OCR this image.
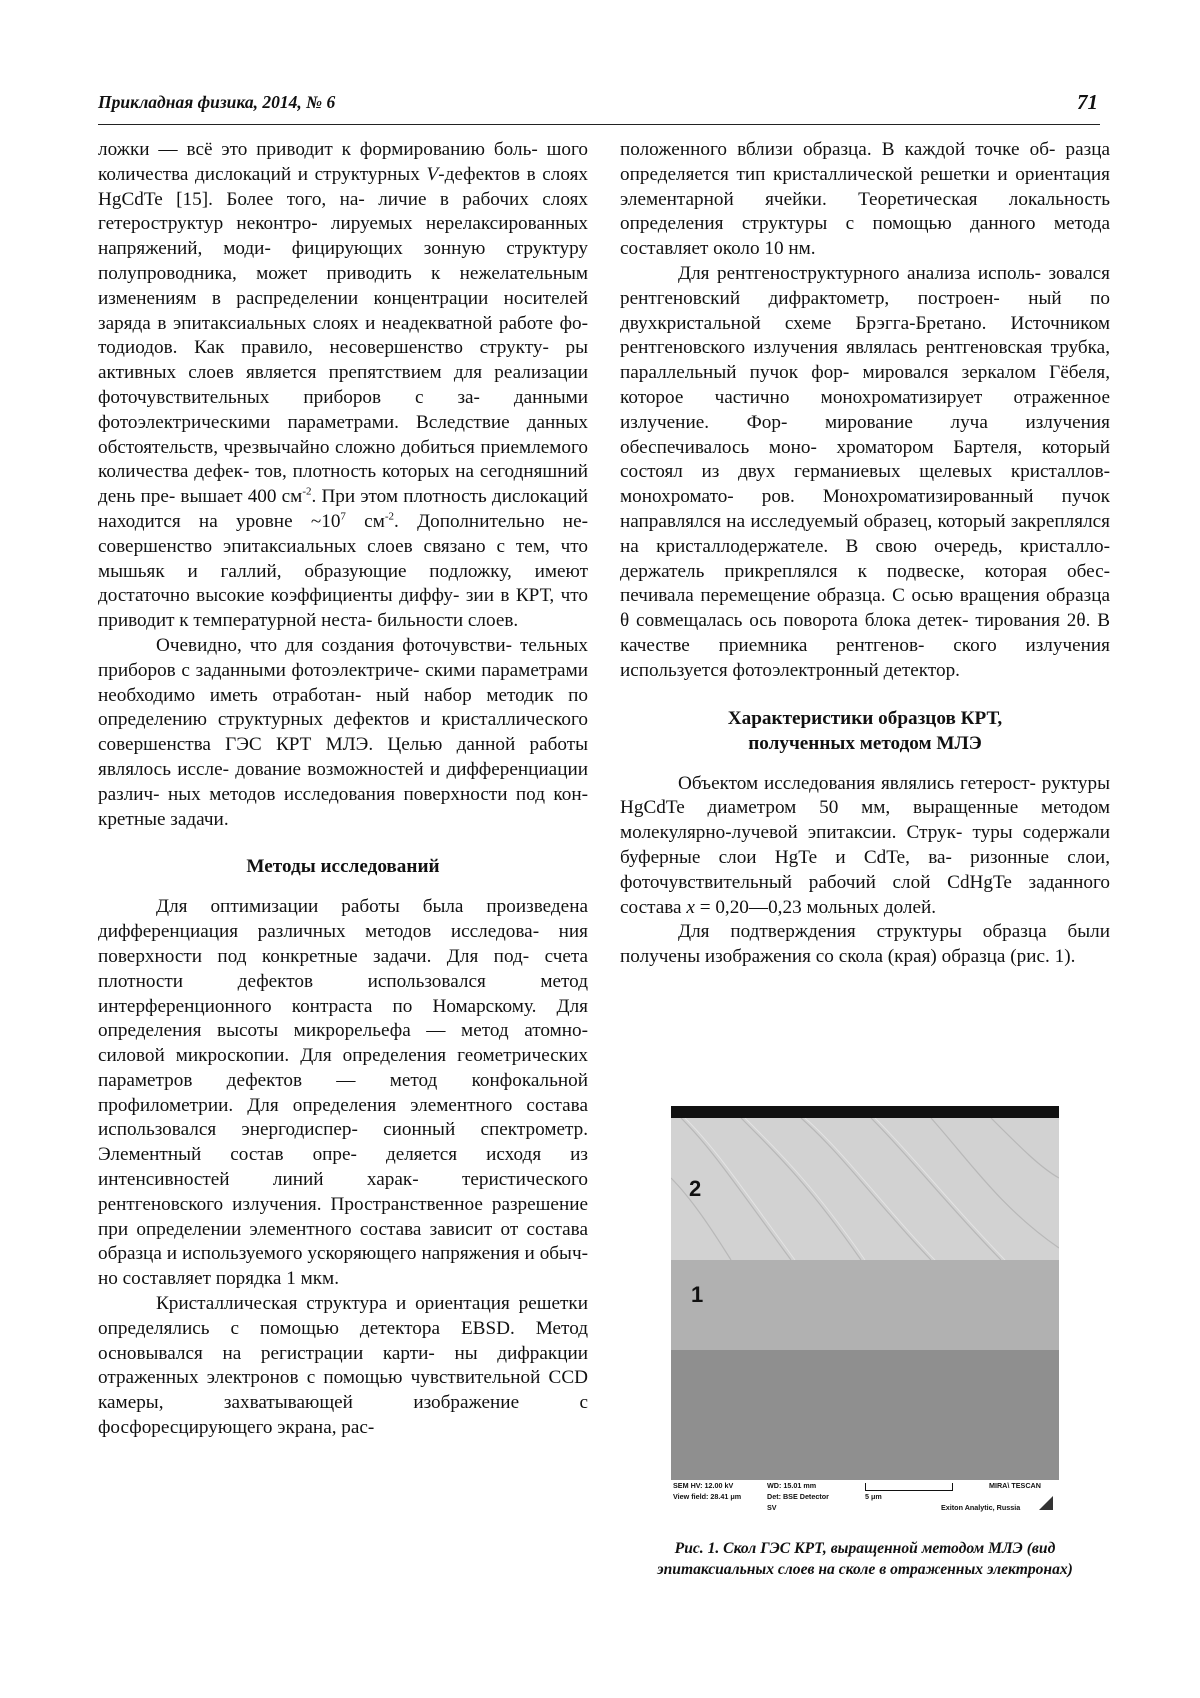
Прикладная физика, 2014, № 6	71

ложки — всё это приводит к формированию боль- шого количества дислокаций и структурных V-дефектов в слоях HgCdTe [15]. Более того, на- личие в рабочих слоях гетероструктур неконтро- лируемых нерелаксированных напряжений, моди- фицирующих зонную структуру полупроводника, может приводить к нежелательным изменениям в распределении концентрации носителей заряда в эпитаксиальных слоях и неадекватной работе фо- тодиодов. Как правило, несовершенство структу- ры активных слоев является препятствием для реализации фоточувствительных приборов с за- данными фотоэлектрическими параметрами. Вследствие данных обстоятельств, чрезвычайно сложно добиться приемлемого количества дефек- тов, плотность которых на сегодняшний день пре- вышает 400 $см^{-2}$. При этом плотность дислокаций находится на уровне $\sim 10^7$ $см^{-2}$. Дополнительно не- совершенство эпитаксиальных слоев связано с тем, что мышьяк и галлий, образующие подложку, имеют достаточно высокие коэффициенты диффу- зии в КРТ, что приводит к температурной неста- бильности слоев.

Очевидно, что для создания фоточувстви- тельных приборов с заданными фотоэлектриче- скими параметрами необходимо иметь отработан- ный набор методик по определению структурных дефектов и кристаллического совершенства ГЭС КРТ МЛЭ. Целью данной работы являлось иссле- дование возможностей и дифференциации различ- ных методов исследования поверхности под кон- кретные задачи.

Методы исследований

Для оптимизации работы была произведена дифференциация различных методов исследова- ния поверхности под конкретные задачи. Для под- счета плотности дефектов использовался метод интерференционного контраста по Номарскому. Для определения высоты микрорельефа — метод атомно-силовой микроскопии. Для определения геометрических параметров дефектов — метод конфокальной профилометрии. Для определения элементного состава использовался энергодиспер- сионный спектрометр. Элементный состав опре- деляется исходя из интенсивностей линий харак- теристического рентгеновского излучения. Пространственное разрешение при определении элементного состава зависит от состава образца и используемого ускоряющего напряжения и обыч- но составляет порядка 1 мкм.

Кристаллическая структура и ориентация решетки определялись с помощью детектора EBSD. Метод основывался на регистрации карти- ны дифракции отраженных электронов с помощью чувствительной CCD камеры, захватывающей	изображение с фосфоресцирующего экрана, рас-

положенного вблизи образца. В каждой точке об- разца определяется тип кристаллической решетки и ориентация элементарной ячейки. Теоретическая локальность определения структуры с помощью данного метода составляет около 10 нм.

Для рентгеноструктурного анализа исполь- зовался рентгеновский дифрактометр, построен- ный по двухкристальной схеме Брэгга-Бретано. Источником рентгеновского излучения являлась рентгеновская трубка, параллельный пучок фор- мировался зеркалом Гёбеля, которое частично монохроматизирует отраженное излучение. Фор- мирование луча излучения обеспечивалось моно- хроматором Бартеля, который состоял из двух германиевых щелевых кристаллов-монохромато- ров. Монохроматизированный пучок направлялся на исследуемый образец, который закреплялся на кристаллодержателе. В свою очередь, кристалло- держатель прикреплялся к подвеске, которая обес- печивала перемещение образца. С осью вращения образца θ совмещалась ось поворота блока детек- тирования 2θ. В качестве приемника рентгенов- ского излучения используется фотоэлектронный детектор.

Характеристики образцов КРТ,
полученных методом МЛЭ

Объектом исследования являлись гетерост- руктуры HgCdTe диаметром 50 мм, выращенные методом молекулярно-лучевой эпитаксии. Струк- туры содержали буферные слои HgTe и CdTe, ва- ризонные слои, фоточувствительный рабочий слой CdHgTe заданного состава x = 0,20—0,23 мольных долей.

Для подтверждения структуры образца были получены изображения со скола (края) образца (рис. 1).

2
1
SEM HV: 12.00 kV	WD: 15.01 mm	MIRA\ TESCAN
View field: 28.41 μm	Det: BSE Detector	5 μm
SV	Exiton Analytic, Russia
Рис. 1. Скол ГЭС КРТ, выращенной методом МЛЭ (вид
эпитаксиальных слоев на сколе в отраженных электронах)
